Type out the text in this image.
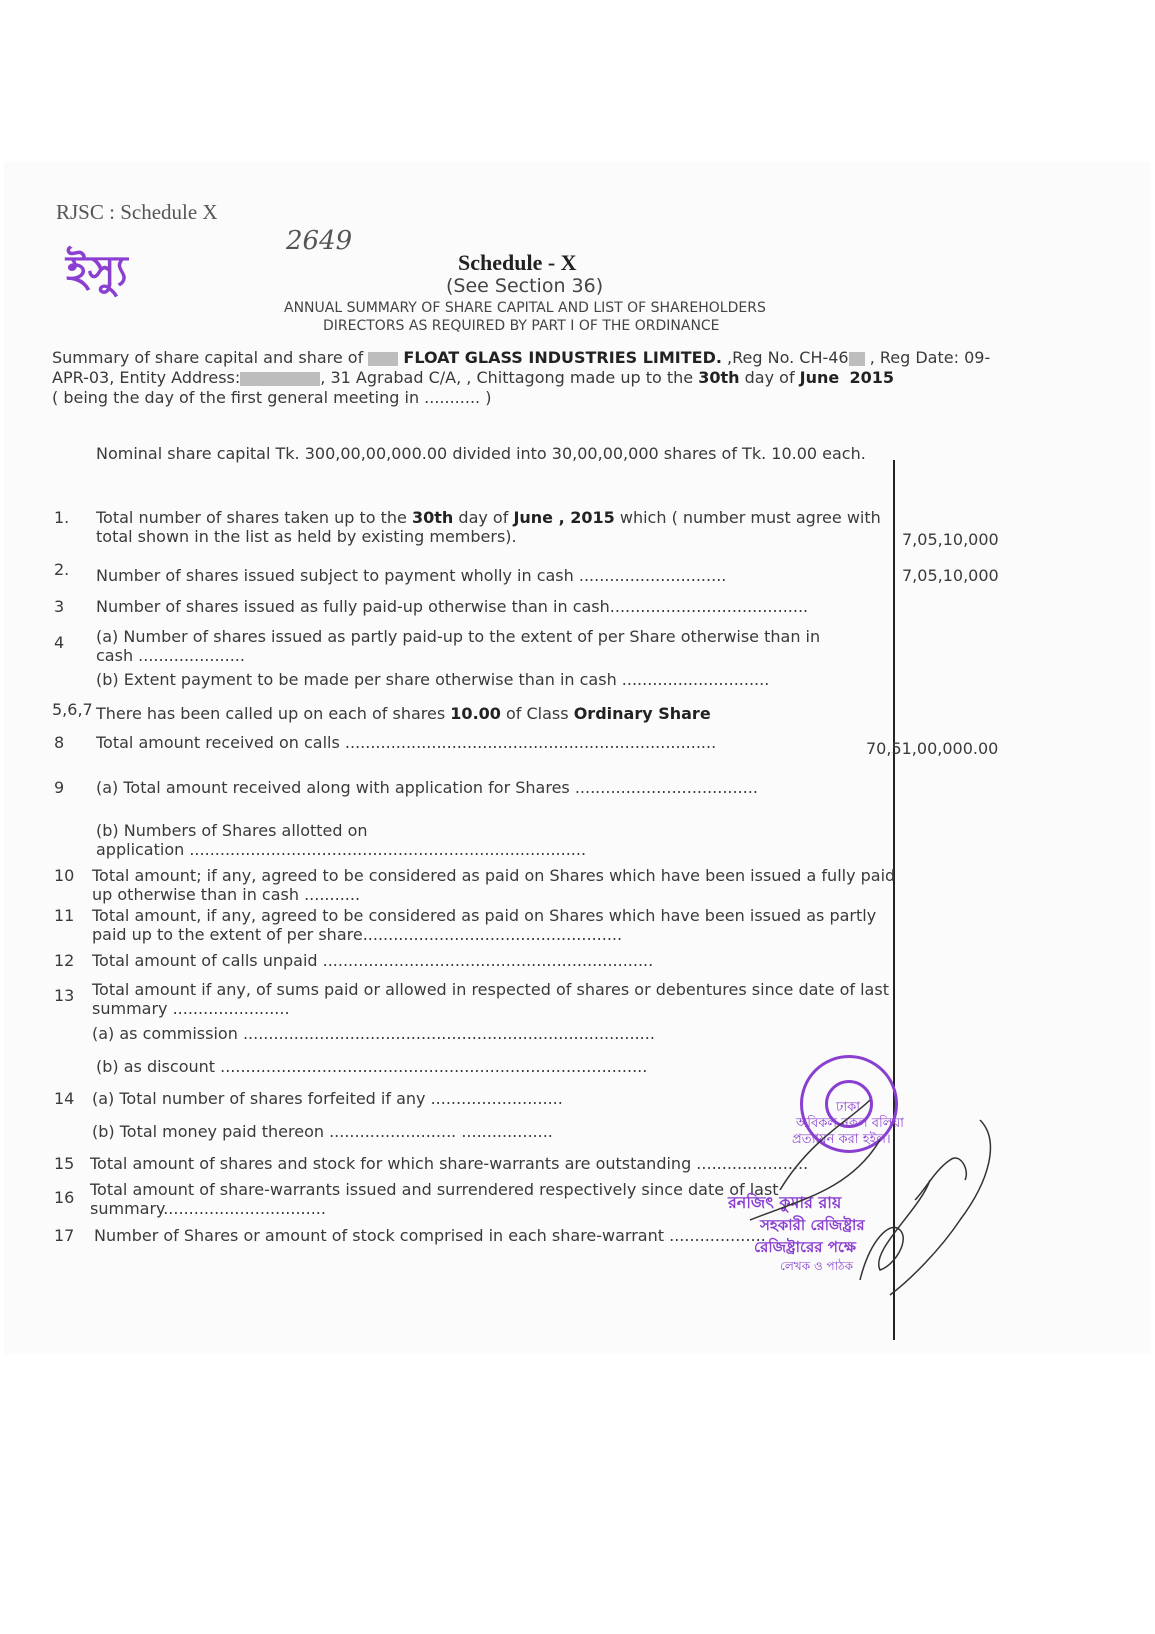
RJSC : Schedule X
ইস্যু
2649
Schedule - X
(See Section 36)
ANNUAL SUMMARY OF SHARE CAPITAL AND LIST OF SHAREHOLDERS
DIRECTORS AS REQUIRED BY PART I OF THE ORDINANCE
Summary of share capital and share of	FLOAT GLASS INDUSTRIES LIMITED. ,Reg No. CH-46 , Reg Date: 09-
APR-03, Entity Address:	, 31 Agrabad C/A, , Chittagong made up to the 30th day of June 2015
( being the day of the first general meeting in ........... )
Nominal share capital Tk. 300,00,00,000.00 divided into 30,00,00,000 shares of Tk. 10.00 each.
1. Total number of shares taken up to the 30th day of June , 2015 which ( number must agree with
total shown in the list as held by existing members).	7,05,10,000
2. Number of shares issued subject to payment wholly in cash .............................	7,05,10,000
3 Number of shares issued as fully paid-up otherwise than in cash.......................................
4 (a) Number of shares issued as partly paid-up to the extent of per Share otherwise than in
cash .....................
(b) Extent payment to be made per share otherwise than in cash .............................
5,6,7 There has been called up on each of shares 10.00 of Class Ordinary Share
8 Total amount received on calls .........................................................................	70,51,00,000.00
9 (a) Total amount received along with application for Shares ....................................
(b) Numbers of Shares allotted on
application ..............................................................................
10 Total amount; if any, agreed to be considered as paid on Shares which have been issued a fully paid
up otherwise than in cash ...........
11 Total amount, if any, agreed to be considered as paid on Shares which have been issued as partly
paid up to the extent of per share...................................................
12 Total amount of calls unpaid .................................................................
13 Total amount if any, of sums paid or allowed in respected of shares or debentures since date of last
summary .......................
(a) as commission .................................................................................
(b) as discount ....................................................................................
14 (a) Total number of shares forfeited if any ..........................
(b) Total money paid thereon ......................... ..................
15 Total amount of shares and stock for which share-warrants are outstanding ......................
16 Total amount of share-warrants issued and surrendered respectively since date of last
summary................................
17 Number of Shares or amount of stock comprised in each share-warrant ...................
ঢাকা
অবিকল নকল বলিয়া
প্রত্যায়ন করা হইল।
রনজিৎ কুমার রায়
সহকারী রেজিষ্ট্রার
রেজিষ্ট্রারের পক্ষে
লেখক ও পাঠক
